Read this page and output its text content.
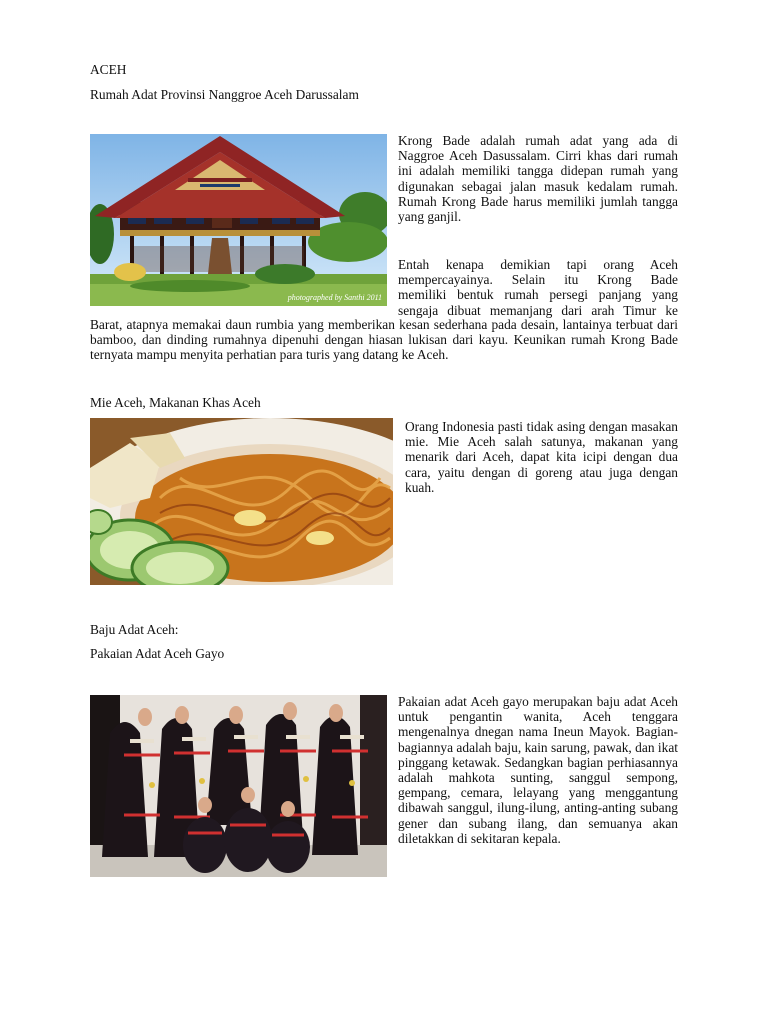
ACEH
Rumah Adat Provinsi Nanggroe Aceh Darussalam
photographed by Santhi 2011

Krong Bade adalah rumah adat yang ada di Naggroe Aceh Dasussalam. Cirri khas dari rumah ini adalah memiliki tangga didepan rumah yang digunakan sebagai jalan masuk kedalam rumah. Rumah Krong Bade harus memiliki jumlah tangga yang ganjil.

Entah kenapa demikian tapi orang Aceh

mempercayainya. Selain itu Krong Bade

memiliki bentuk rumah persegi panjang yang

sengaja dibuat memanjang dari arah Timur ke

Barat, atapnya memakai daun rumbia yang memberikan kesan sederhana pada desain, lantainya terbuat dari bamboo, dan dinding rumahnya dipenuhi dengan hiasan lukisan dari kayu. Keunikan rumah Krong Bade ternyata mampu menyita perhatian para turis yang datang ke Aceh.
Mie Aceh, Makanan Khas Aceh

Orang Indonesia pasti tidak asing dengan masakan mie. Mie Aceh salah satunya, makanan yang menarik dari Aceh, dapat kita icipi dengan dua cara, yaitu dengan di goreng atau juga dengan kuah.

Baju Adat Aceh:
Pakaian Adat Aceh Gayo

Pakaian adat Aceh gayo merupakan baju adat Aceh untuk pengantin wanita, Aceh tenggara mengenalnya dnegan nama Ineun Mayok. Bagian-bagiannya adalah baju, kain sarung, pawak, dan ikat pinggang ketawak. Sedangkan bagian perhiasannya adalah mahkota sunting, sanggul sempong, gempang, cemara, lelayang yang menggantung dibawah sanggul, ilung-ilung, anting-anting subang gener dan subang ilang, dan semuanya akan diletakkan di sekitaran kepala.
